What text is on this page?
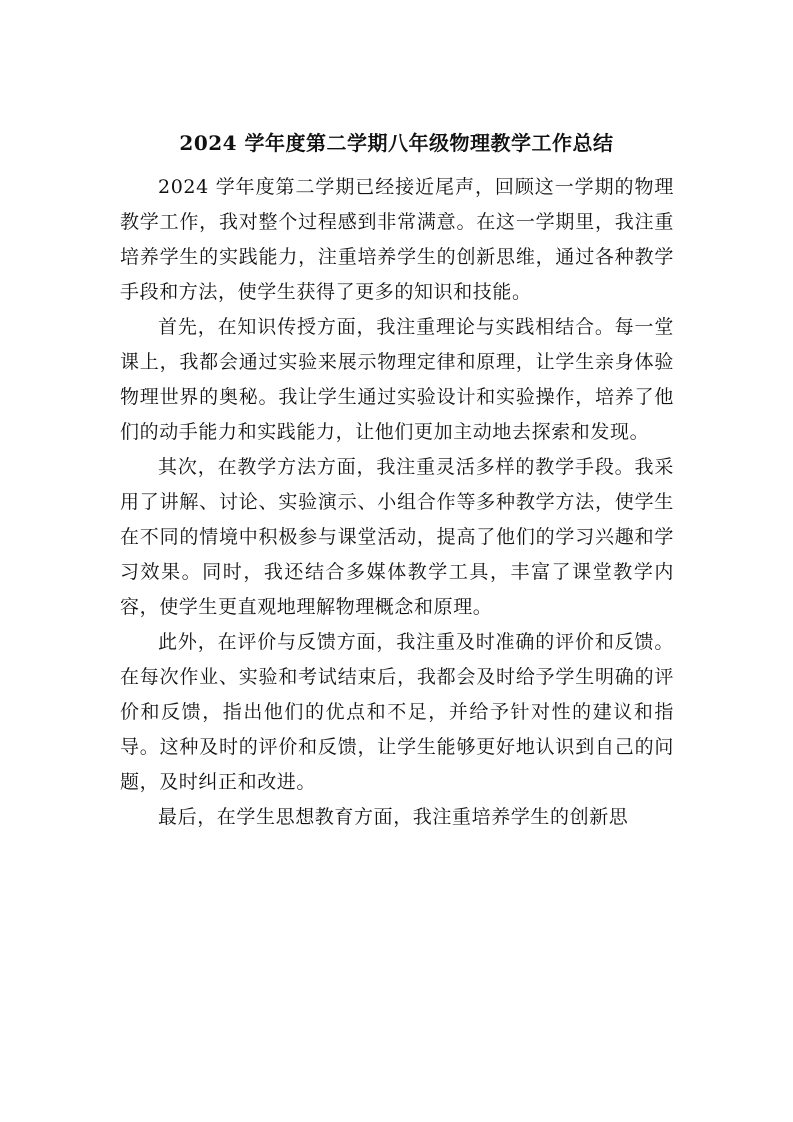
2024 学年度第二学期八年级物理教学工作总结

2024 学年度第二学期已经接近尾声，回顾这一学期的物理教学工作，我对整个过程感到非常满意。在这一学期里，我注重培养学生的实践能力，注重培养学生的创新思维，通过各种教学手段和方法，使学生获得了更多的知识和技能。

首先，在知识传授方面，我注重理论与实践相结合。每一堂课上，我都会通过实验来展示物理定律和原理，让学生亲身体验物理世界的奥秘。我让学生通过实验设计和实验操作，培养了他们的动手能力和实践能力，让他们更加主动地去探索和发现。

其次，在教学方法方面，我注重灵活多样的教学手段。我采用了讲解、讨论、实验演示、小组合作等多种教学方法，使学生在不同的情境中积极参与课堂活动，提高了他们的学习兴趣和学习效果。同时，我还结合多媒体教学工具，丰富了课堂教学内容，使学生更直观地理解物理概念和原理。

此外，在评价与反馈方面，我注重及时准确的评价和反馈。在每次作业、实验和考试结束后，我都会及时给予学生明确的评价和反馈，指出他们的优点和不足，并给予针对性的建议和指导。这种及时的评价和反馈，让学生能够更好地认识到自己的问题，及时纠正和改进。

最后，在学生思想教育方面，我注重培养学生的创新思
